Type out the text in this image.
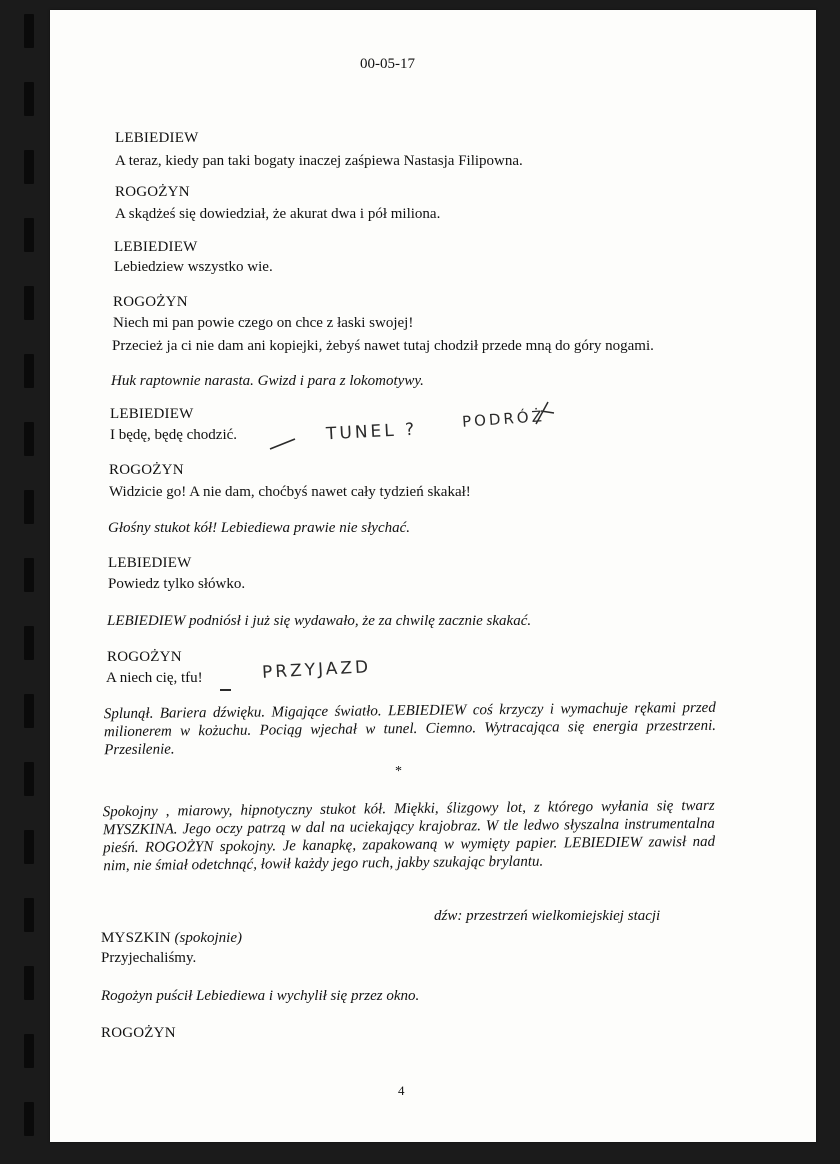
00-05-17
LEBIEDIEW
A teraz, kiedy pan taki bogaty inaczej zaśpiewa Nastasja Filipowna.
ROGOŻYN
A skądżeś się dowiedział, że akurat dwa i pół miliona.
LEBIEDIEW
Lebiedziew wszystko wie.
ROGOŻYN
Niech mi pan powie czego on chce z łaski swojej!
Przecież ja ci nie dam ani kopiejki, żebyś nawet tutaj chodził przede mną do góry nogami.
Huk raptownie narasta. Gwizd i para z lokomotywy.
LEBIEDIEW
I będę, będę chodzić.	TUNEL ?
PODRÓŻ
ROGOŻYN
Widzicie go! A nie dam, choćbyś nawet cały tydzień skakał!
Głośny stukot kół! Lebiediewa prawie nie słychać.
LEBIEDIEW
Powiedz tylko słówko.
LEBIEDIEW podniósł i już się wydawało, że za chwilę zacznie skakać.
ROGOŻYN
A niech cię, tfu!	PRZYJAZD
Splunął. Bariera dźwięku. Migające światło. LEBIEDIEW coś krzyczy i wymachuje rękami przed milionerem w kożuchu. Pociąg wjechał w tunel. Ciemno. Wytracająca się energia przestrzeni. Przesilenie.
*
Spokojny , miarowy, hipnotyczny stukot kół. Miękki, ślizgowy lot, z którego wyłania się twarz MYSZKINA. Jego oczy patrzą w dal na uciekający krajobraz. W tle ledwo słyszalna instrumentalna pieśń. ROGOŻYN spokojny. Je kanapkę, zapakowaną w wymięty papier. LEBIEDIEW zawisł nad nim, nie śmiał odetchnąć, łowił każdy jego ruch, jakby szukając brylantu.
dźw: przestrzeń wielkomiejskiej stacji
MYSZKIN (spokojnie)
Przyjechaliśmy.
Rogożyn puścił Lebiediewa i wychylił się przez okno.
ROGOŻYN
4
